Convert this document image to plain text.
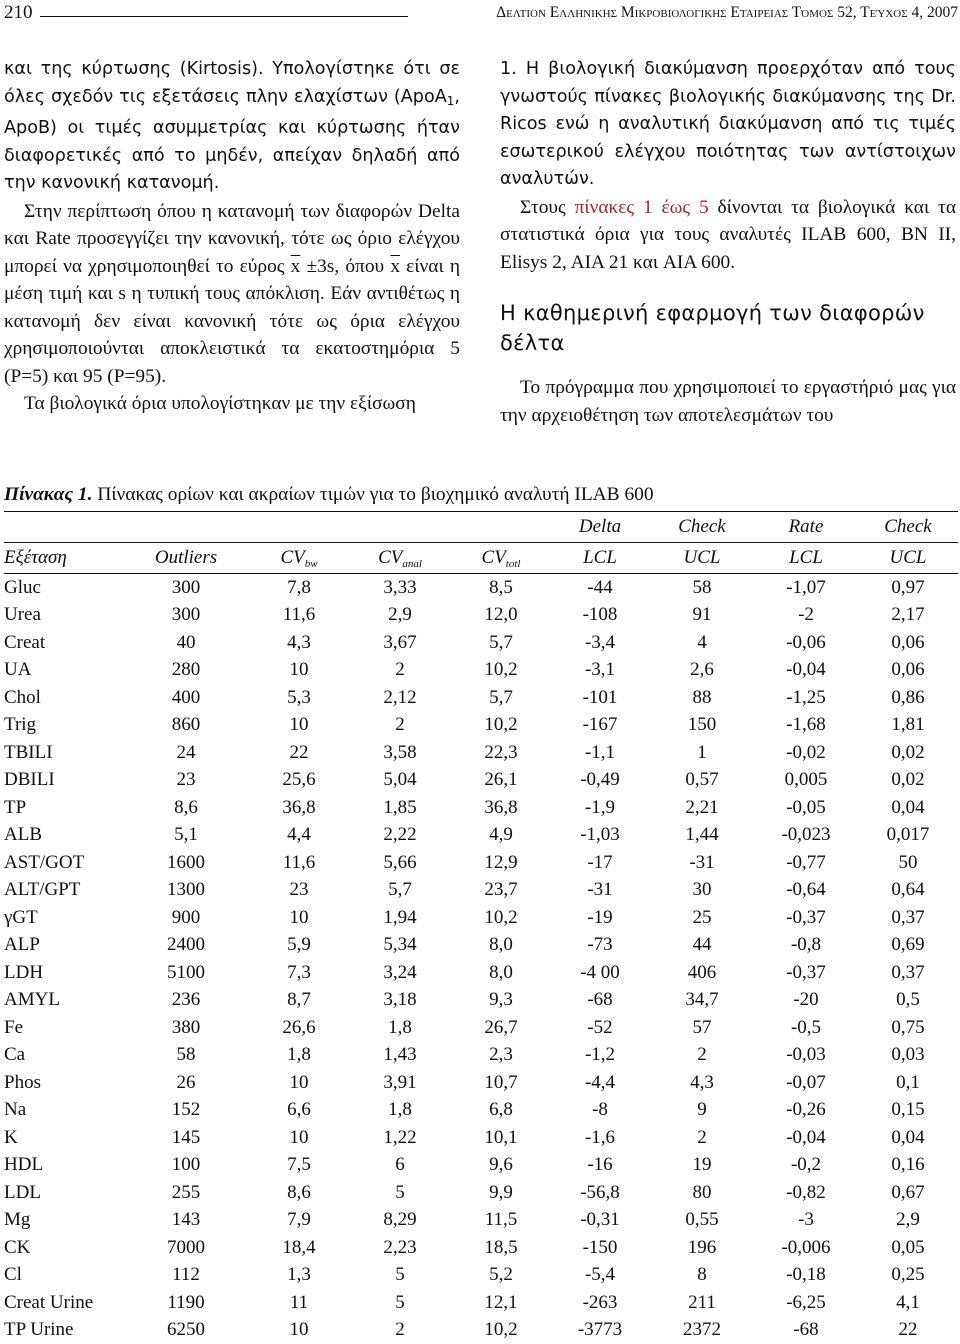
210	Δελτιον Ελληνικης Μικροβιολογικης Εταιρειας Τόμος 52, Τεύχος 4, 2007

και της κύρτωσης (Kirtosis). Υπολογίστηκε ότι σε όλες σχεδόν τις εξετάσεις πλην ελαχίστων (ApoA$_1$, ApoB) οι τιμές ασυμμετρίας και κύρτωσης ήταν διαφορετικές από το μηδέν, απείχαν δηλαδή από την κανονική κατανομή.

Στην περίπτωση όπου η κατανομή των διαφορών Delta και Rate προσεγγίζει την κανονική, τότε ως όριο ελέγχου μπορεί να χρησιμοποιηθεί το εύρος $\overline{x} \pm 3s$, όπου $\overline{x}$ είναι η μέση τιμή και s η τυπική τους απόκλιση. Εάν αντιθέτως η κατανομή δεν είναι κανονική τότε ως όρια ελέγχου χρησιμοποιούνται αποκλειστικά τα εκατοστημόρια 5 (P=5) και 95 (P=95).

Τα βιολογικά όρια υπολογίστηκαν με την εξίσωση

1. Η βιολογική διακύμανση προερχόταν από τους γνωστούς πίνακες βιολογικής διακύμανσης της Dr. Ricos ενώ η αναλυτική διακύμανση από τις τιμές εσωτερικού ελέγχου ποιότητας των αντίστοιχων αναλυτών.

Στους πίνακες 1 έως 5 δίνονται τα βιολογικά και τα στατιστικά όρια για τους αναλυτές ILAB 600, BN II, Elisys 2, AIA 21 και AIA 600.

Η καθημερινή εφαρμογή των διαφορών δέλτα

Το πρόγραμμα που χρησιμοποιεί το εργαστήριό μας για την αρχειοθέτηση των αποτελεσμάτων του

Πίνακας 1. Πίνακας ορίων και ακραίων τιμών για το βιοχημικό αναλυτή ILAB 600
					Delta	Check	Rate	Check
Εξέταση	Outliers	$CV_{bw}$	$CV_{anal}$	$CV_{totl}$	LCL	UCL	LCL	UCL
Gluc	300	7,8	3,33	8,5	-44	58	-1,07	0,97
Urea	300	11,6	2,9	12,0	-108	91	-2	2,17
Creat	40	4,3	3,67	5,7	-3,4	4	-0,06	0,06
UA	280	10	2	10,2	-3,1	2,6	-0,04	0,06
Chol	400	5,3	2,12	5,7	-101	88	-1,25	0,86
Trig	860	10	2	10,2	-167	150	-1,68	1,81
TBILI	24	22	3,58	22,3	-1,1	1	-0,02	0,02
DBILI	23	25,6	5,04	26,1	-0,49	0,57	0,005	0,02
TP	8,6	36,8	1,85	36,8	-1,9	2,21	-0,05	0,04
ALB	5,1	4,4	2,22	4,9	-1,03	1,44	-0,023	0,017
AST/GOT	1600	11,6	5,66	12,9	-17	-31	-0,77	50
ALT/GPT	1300	23	5,7	23,7	-31	30	-0,64	0,64
γGT	900	10	1,94	10,2	-19	25	-0,37	0,37
ALP	2400	5,9	5,34	8,0	-73	44	-0,8	0,69
LDH	5100	7,3	3,24	8,0	-4 00	406	-0,37	0,37
AMYL	236	8,7	3,18	9,3	-68	34,7	-20	0,5
Fe	380	26,6	1,8	26,7	-52	57	-0,5	0,75
Ca	58	1,8	1,43	2,3	-1,2	2	-0,03	0,03
Phos	26	10	3,91	10,7	-4,4	4,3	-0,07	0,1
Na	152	6,6	1,8	6,8	-8	9	-0,26	0,15
K	145	10	1,22	10,1	-1,6	2	-0,04	0,04
HDL	100	7,5	6	9,6	-16	19	-0,2	0,16
LDL	255	8,6	5	9,9	-56,8	80	-0,82	0,67
Mg	143	7,9	8,29	11,5	-0,31	0,55	-3	2,9
CK	7000	18,4	2,23	18,5	-150	196	-0,006	0,05
Cl	112	1,3	5	5,2	-5,4	8	-0,18	0,25
Creat Urine	1190	11	5	12,1	-263	211	-6,25	4,1
TP Urine	6250	10	2	10,2	-3773	2372	-68	22
